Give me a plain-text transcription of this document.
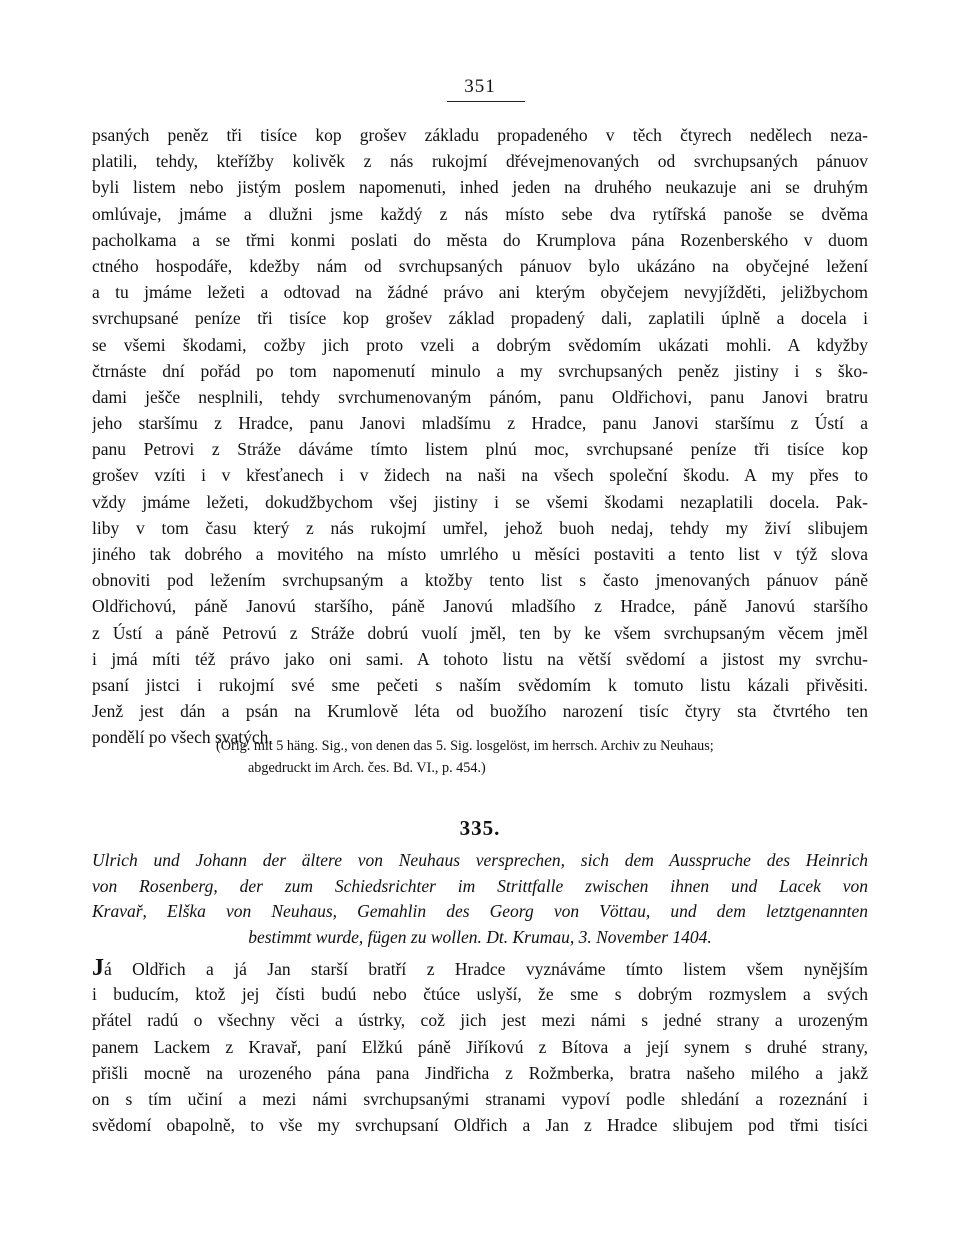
351
psaných peněz tři tisíce kop grošev základu propadeného v těch čtyrech nedělech neza-
platili, tehdy, kteřížby kolivěk z nás rukojmí dřévejmenovaných od svrchupsaných pánuov
byli listem nebo jistým poslem napomenuti, inhed jeden na druhého neukazuje ani se druhým
omlúvaje, jmáme a dlužni jsme každý z nás místo sebe dva rytířská panoše se dvěma
pacholkama a se třmi konmi poslati do města do Krumplova pána Rozenberského v duom
ctného hospodáře, kdežby nám od svrchupsaných pánuov bylo ukázáno na obyčejné ležení
a tu jmáme ležeti a odtovad na žádné právo ani kterým obyčejem nevyjížděti, jeližbychom
svrchupsané peníze tři tisíce kop grošev základ propadený dali, zaplatili úplně a docela i
se všemi škodami, cožby jich proto vzeli a dobrým svědomím ukázati mohli. A kdyžby
čtrnáste dní pořád po tom napomenutí minulo a my svrchupsaných peněz jistiny i s ško-
dami ješče nesplnili, tehdy svrchumenovaným pánóm, panu Oldřichovi, panu Janovi bratru
jeho staršímu z Hradce, panu Janovi mladšímu z Hradce, panu Janovi staršímu z Ústí a
panu Petrovi z Stráže dáváme tímto listem plnú moc, svrchupsané peníze tři tisíce kop
grošev vzíti i v křesťanech i v židech na naši na všech společní škodu. A my přes to
vždy jmáme ležeti, dokudžbychom všej jistiny i se všemi škodami nezaplatili docela. Pak-
liby v tom času který z nás rukojmí umřel, jehož buoh nedaj, tehdy my živí slibujem
jiného tak dobrého a movitého na místo umrlého u měsíci postaviti a tento list v týž slova
obnoviti pod ležením svrchupsaným a ktožby tento list s často jmenovaných pánuov páně
Oldřichovú, páně Janovú staršího, páně Janovú mladšího z Hradce, páně Janovú staršího
z Ústí a páně Petrovú z Stráže dobrú vuolí jměl, ten by ke všem svrchupsaným věcem jměl
i jmá míti též právo jako oni sami. A tohoto listu na větší svědomí a jistost my svrchu-
psaní jistci i rukojmí své sme pečeti s naším svědomím k tomuto listu kázali přivěsiti.
Jenž jest dán a psán na Krumlově léta od buožího narození tisíc čtyry sta čtvrtého ten
pondělí po všech svatých.
(Orig. mit 5 häng. Sig., von denen das 5. Sig. losgelöst, im herrsch. Archiv zu Neuhaus;
abgedruckt im Arch. čes. Bd. VI., p. 454.)
335.
Ulrich und Johann der ältere von Neuhaus versprechen, sich dem Ausspruche des Heinrich
von Rosenberg, der zum Schiedsrichter im Strittfalle zwischen ihnen und Lacek von
Kravař, Elška von Neuhaus, Gemahlin des Georg von Vöttau, und dem letztgenannten
bestimmt wurde, fügen zu wollen. Dt. Krumau, 3. November 1404.
Já Oldřich a já Jan starší bratří z Hradce vyznáváme tímto listem všem nynějším
i buducím, ktož jej čísti budú nebo čtúce uslyší, že sme s dobrým rozmyslem a svých
přátel radú o všechny věci a ústrky, což jich jest mezi námi s jedné strany a urozeným
panem Lackem z Kravař, paní Elžkú páně Jiříkovú z Bítova a její synem s druhé strany,
přišli mocně na urozeného pána pana Jindřicha z Rožmberka, bratra našeho milého a jakž
on s tím učiní a mezi námi svrchupsanými stranami vypoví podle shledání a rozeznání i
svědomí obapolně, to vše my svrchupsaní Oldřich a Jan z Hradce slibujem pod třmi tisíci
